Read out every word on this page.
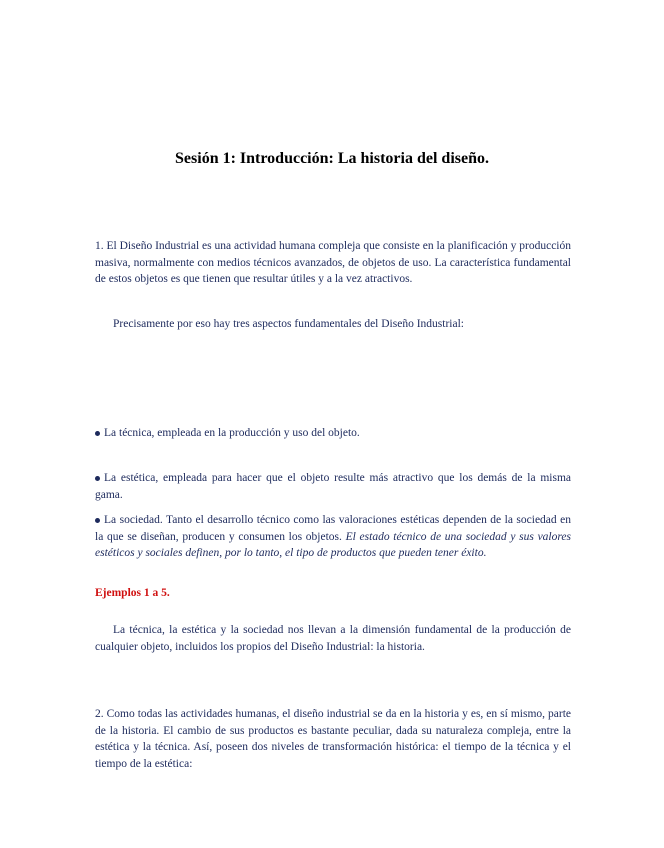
Sesión 1: Introducción: La historia del diseño.

1. El Diseño Industrial es una actividad humana compleja que consiste en la planificación y producción masiva, normalmente con medios técnicos avanzados, de objetos de uso. La característica fundamental de estos objetos es que tienen que resultar útiles y a la vez atractivos.

Precisamente por eso hay tres aspectos fundamentales del Diseño Industrial:

La técnica, empleada en la producción y uso del objeto.

La estética, empleada para hacer que el objeto resulte más atractivo que los demás de la misma gama.

La sociedad. Tanto el desarrollo técnico como las valoraciones estéticas dependen de la sociedad en la que se diseñan, producen y consumen los objetos. El estado técnico de una sociedad y sus valores estéticos y sociales definen, por lo tanto, el tipo de productos que pueden tener éxito.

Ejemplos 1 a 5.

La técnica, la estética y la sociedad nos llevan a la dimensión fundamental de la producción de cualquier objeto, incluidos los propios del Diseño Industrial: la historia.

2. Como todas las actividades humanas, el diseño industrial se da en la historia y es, en sí mismo, parte de la historia. El cambio de sus productos es bastante peculiar, dada su naturaleza compleja, entre la estética y la técnica. Así, poseen dos niveles de transformación histórica: el tiempo de la técnica y el tiempo de la estética:
